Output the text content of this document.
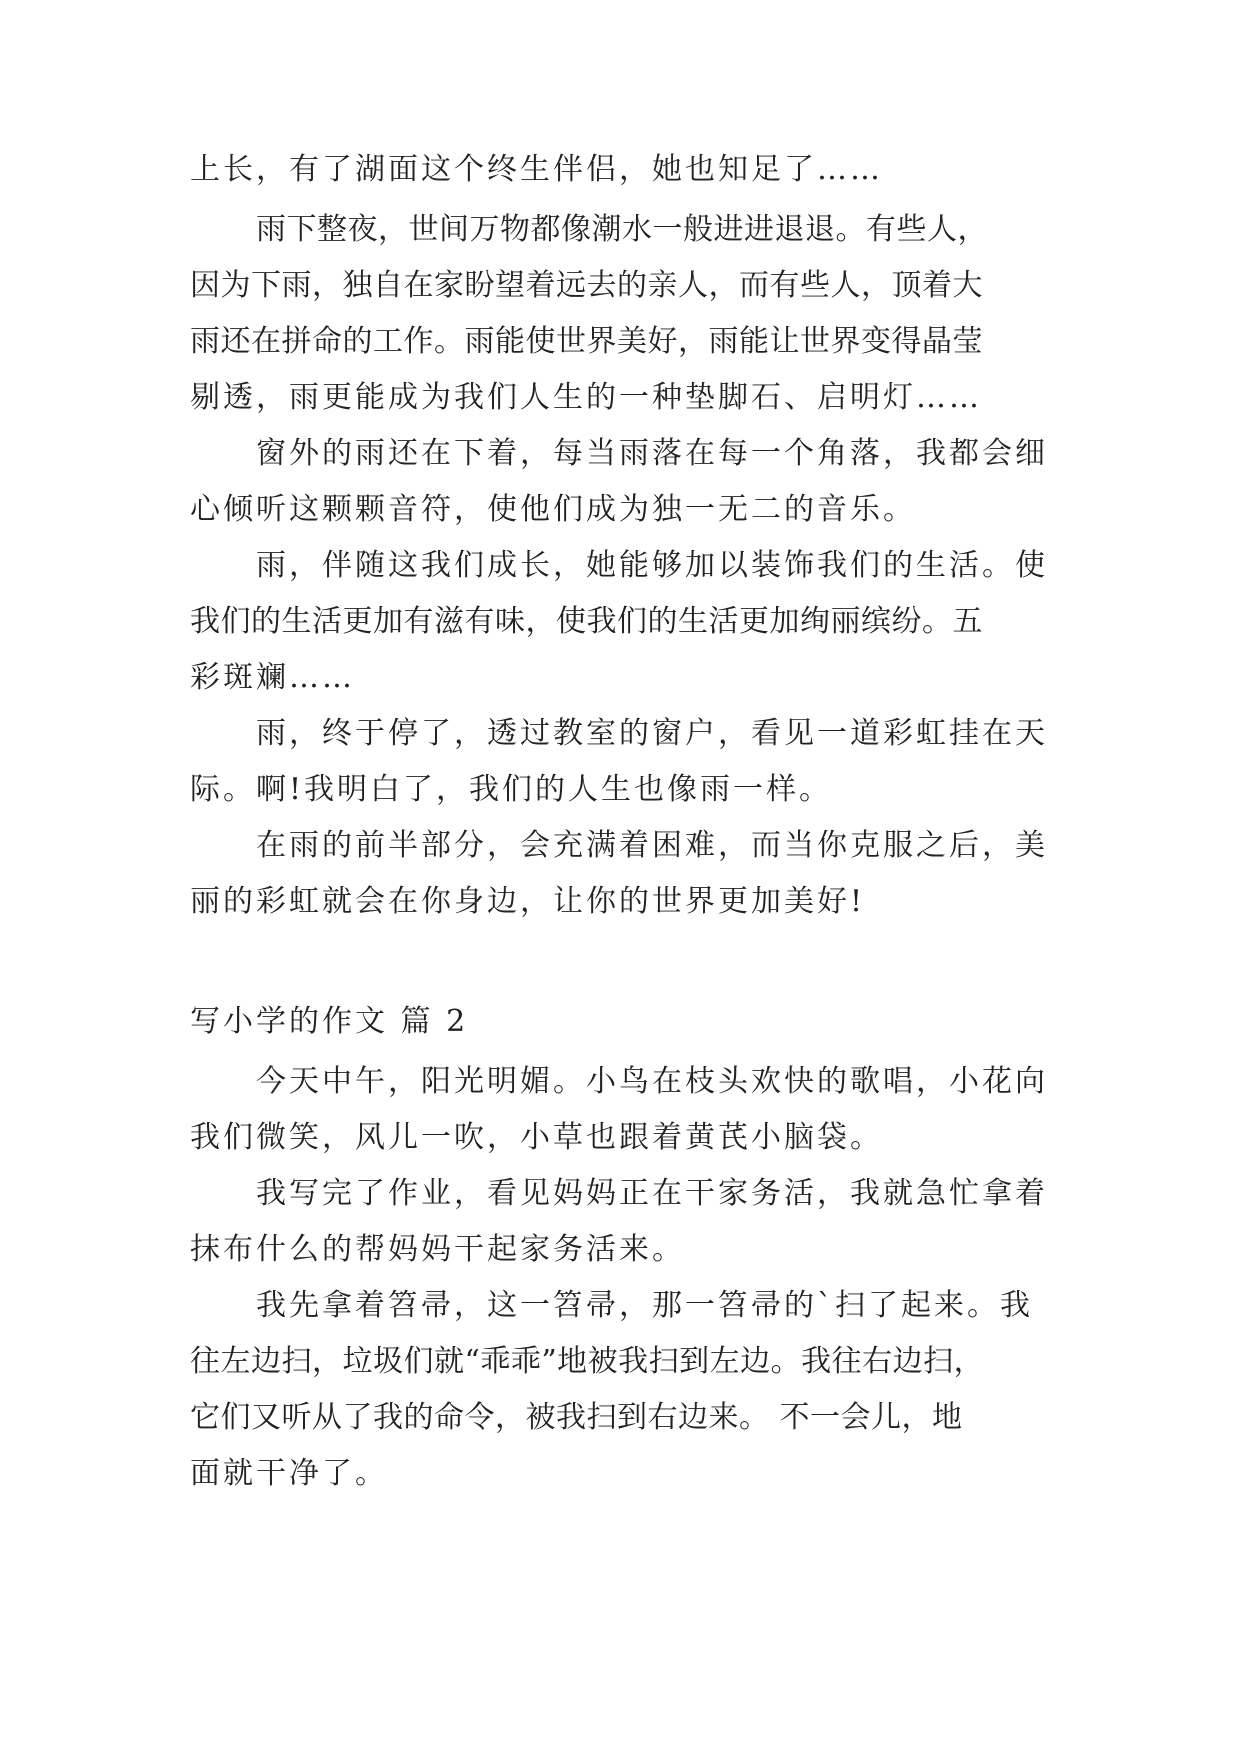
上长，有了湖面这个终生伴侣，她也知足了……
雨下整夜，世间万物都像潮水一般进进退退。有些人，
因为下雨，独自在家盼望着远去的亲人，而有些人，顶着大
雨还在拼命的工作。雨能使世界美好，雨能让世界变得晶莹
剔透，雨更能成为我们人生的一种垫脚石、启明灯……
窗外的雨还在下着，每当雨落在每一个角落，我都会细
心倾听这颗颗音符，使他们成为独一无二的音乐。
雨，伴随这我们成长，她能够加以装饰我们的生活。使
我们的生活更加有滋有味，使我们的生活更加绚丽缤纷。五
彩斑斓……
雨，终于停了，透过教室的窗户，看见一道彩虹挂在天
际。啊!我明白了，我们的人生也像雨一样。
在雨的前半部分，会充满着困难，而当你克服之后，美
丽的彩虹就会在你身边，让你的世界更加美好!
写小学的作文 篇 2
今天中午，阳光明媚。小鸟在枝头欢快的歌唱，小花向
我们微笑，风儿一吹，小草也跟着黄芪小脑袋。
我写完了作业，看见妈妈正在干家务活，我就急忙拿着
抹布什么的帮妈妈干起家务活来。
我先拿着笤帚，这一笤帚，那一笤帚的`扫了起来。我
往左边扫，垃圾们就“乖乖”地被我扫到左边。我往右边扫，
它们又听从了我的命令，被我扫到右边来。 不一会儿，地
面就干净了。
